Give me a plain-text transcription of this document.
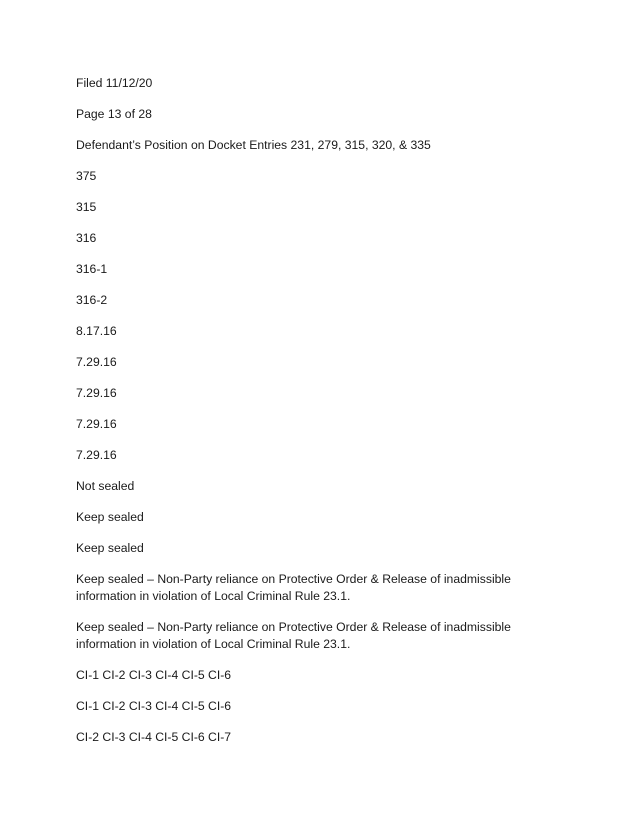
Filed 11/12/20

Page 13 of 28

Defendant’s Position on Docket Entries 231, 279, 315, 320, & 335

375

315

316

316-1

316-2

8.17.16

7.29.16

7.29.16

7.29.16

7.29.16

Not sealed

Keep sealed

Keep sealed

Keep sealed – Non-Party reliance on Protective Order & Release of inadmissible information in violation of Local Criminal Rule 23.1.

Keep sealed – Non-Party reliance on Protective Order & Release of inadmissible information in violation of Local Criminal Rule 23.1.

CI-1 CI-2 CI-3 CI-4 CI-5 CI-6

CI-1 CI-2 CI-3 CI-4 CI-5 CI-6

CI-2 CI-3 CI-4 CI-5 CI-6 CI-7
